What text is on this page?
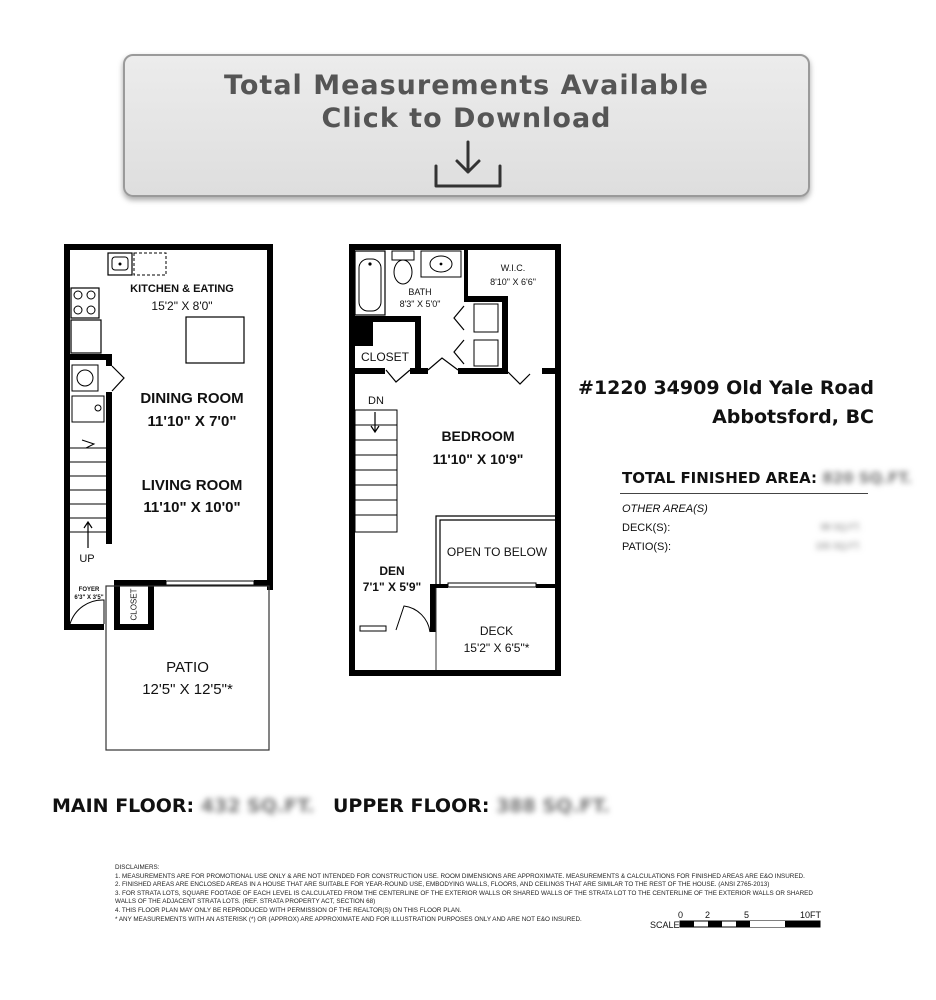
Total Measurements Available
Click to Download
KITCHEN & EATING
15'2" X 8'0"
DINING ROOM
11'10" X 7'0"
LIVING ROOM
11'10" X 10'0"
UP
FOYER
6'3" X 3'5"	CLOSET
PATIO
12'5" X 12'5"*
BATH
8'3" X 5'0"
W.I.C.
8'10" X 6'6"
CLOSET
DN
BEDROOM
11'10" X 10'9"
OPEN TO BELOW
DEN
7'1" X 5'9"
DECK
15'2" X 6'5"*
#1220 34909 Old Yale Road
Abbotsford, BC
TOTAL FINISHED AREA: 820 SQ.FT.
OTHER AREA(S)
DECK(S):	98 SQ.FT.
PATIO(S):	155 SQ.FT.
MAIN FLOOR: 432 SQ.FT. UPPER FLOOR: 388 SQ.FT.
DISCLAIMERS:
1. MEASUREMENTS ARE FOR PROMOTIONAL USE ONLY & ARE NOT INTENDED FOR CONSTRUCTION USE. ROOM DIMENSIONS ARE APPROXIMATE. MEASUREMENTS & CALCULATIONS FOR FINISHED AREAS ARE E&O INSURED.
2. FINISHED AREAS ARE ENCLOSED AREAS IN A HOUSE THAT ARE SUITABLE FOR YEAR-ROUND USE, EMBODYING WALLS, FLOORS, AND CEILINGS THAT ARE SIMILAR TO THE REST OF THE HOUSE. (ANSI Z765-2013)
3. FOR STRATA LOTS, SQUARE FOOTAGE OF EACH LEVEL IS CALCULATED FROM THE CENTERLINE OF THE EXTERIOR WALLS OR SHARED WALLS OF THE STRATA LOT TO THE CENTERLINE OF THE EXTERIOR WALLS OR SHARED WALLS OF THE ADJACENT STRATA LOTS. (REF. STRATA PROPERTY ACT, SECTION 68)
4. THIS FLOOR PLAN MAY ONLY BE REPRODUCED WITH PERMISSION OF THE REALTOR(S) ON THIS FLOOR PLAN.
* ANY MEASUREMENTS WITH AN ASTERISK (*) OR (APPROX) ARE APPROXIMATE AND FOR ILLUSTRATION PURPOSES ONLY AND ARE NOT E&O INSURED.
SCALE
0 2	5	10FT
